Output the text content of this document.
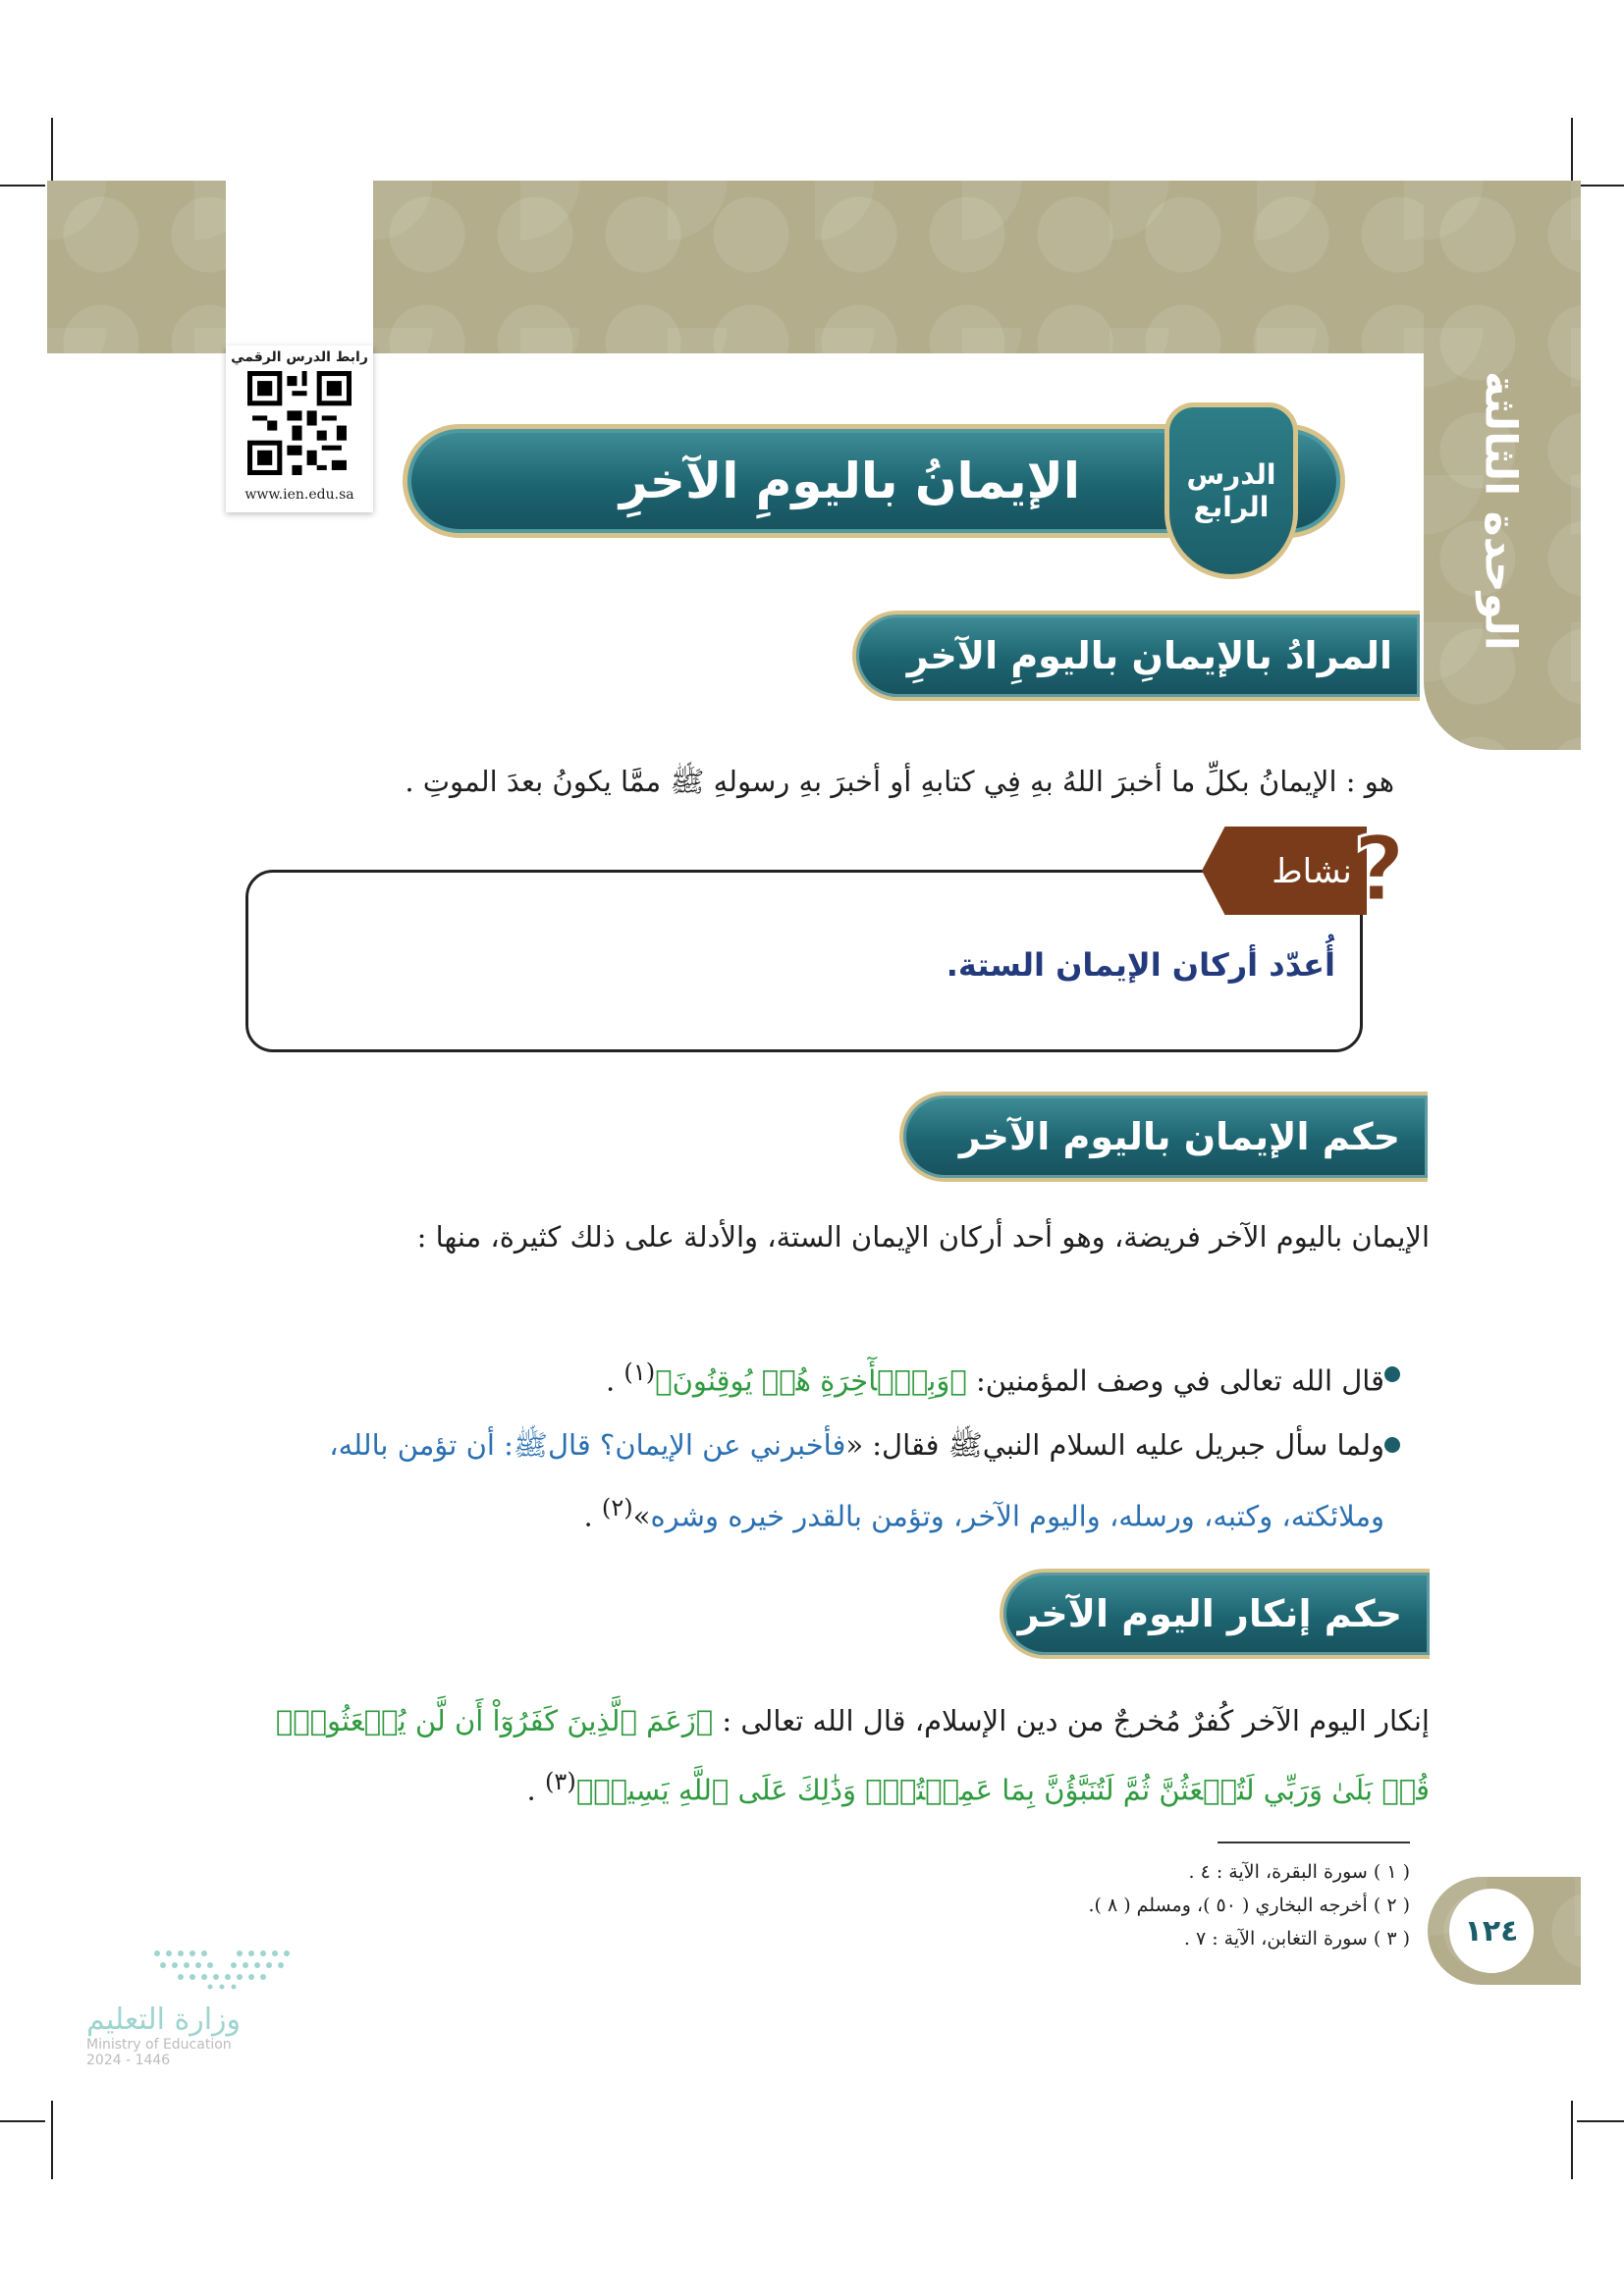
الوحدة الثالثة
رابط الدرس الرقمي
www.ien.edu.sa	الإيمانُ باليومِ الآخرِ	الدرس
الرابع
المرادُ بالإيمانِ باليومِ الآخرِ
هو : الإيمانُ بكلِّ ما أخبرَ اللهُ بهِ فِي كتابهِ أو أخبرَ بهِ رسولهِ ﷺ ممَّا يكونُ بعدَ الموتِ .
نشاط ?
أُعدّد أركان الإيمان الستة.
حكم الإيمان باليوم الآخر
الإيمان باليوم الآخر فريضة، وهو أحد أركان الإيمان الستة، والأدلة على ذلك كثيرة، منها :
قال الله تعالى في وصف المؤمنين: ﴿وَبِٱلۡأٓخِرَةِ هُمۡ يُوقِنُونَ﴾$^{(١)}$ .
ولما سأل جبريل عليه السلام النبيﷺ فقال: «فأخبرني عن الإيمان؟ قالﷺ: أن تؤمن بالله، وملائكته، وكتبه، ورسله، واليوم الآخر، وتؤمن بالقدر خيره وشره»$^{(٢)}$ .
حكم إنكار اليوم الآخر
إنكار اليوم الآخر كُفرٌ مُخرجٌ من دين الإسلام، قال الله تعالى : ﴿زَعَمَ ٱلَّذِينَ كَفَرُوٓاْ أَن لَّن يُبۡعَثُواْۚ قُلۡ بَلَىٰ وَرَبِّي لَتُبۡعَثُنَّ ثُمَّ لَتُنَبَّؤُنَّ بِمَا عَمِلۡتُمۡۚ وَذَٰلِكَ عَلَى ٱللَّهِ يَسِيرٞ﴾$^{(٣)}$ .
( ١ ) سورة البقرة، الآية : ٤ .
( ٢ ) أخرجه البخاري ( ٥٠ )، ومسلم ( ٨ ).
( ٣ ) سورة التغابن، الآية : ٧ . ١٢٤
وزارة التعليم
Ministry of Education
2024 - 1446
